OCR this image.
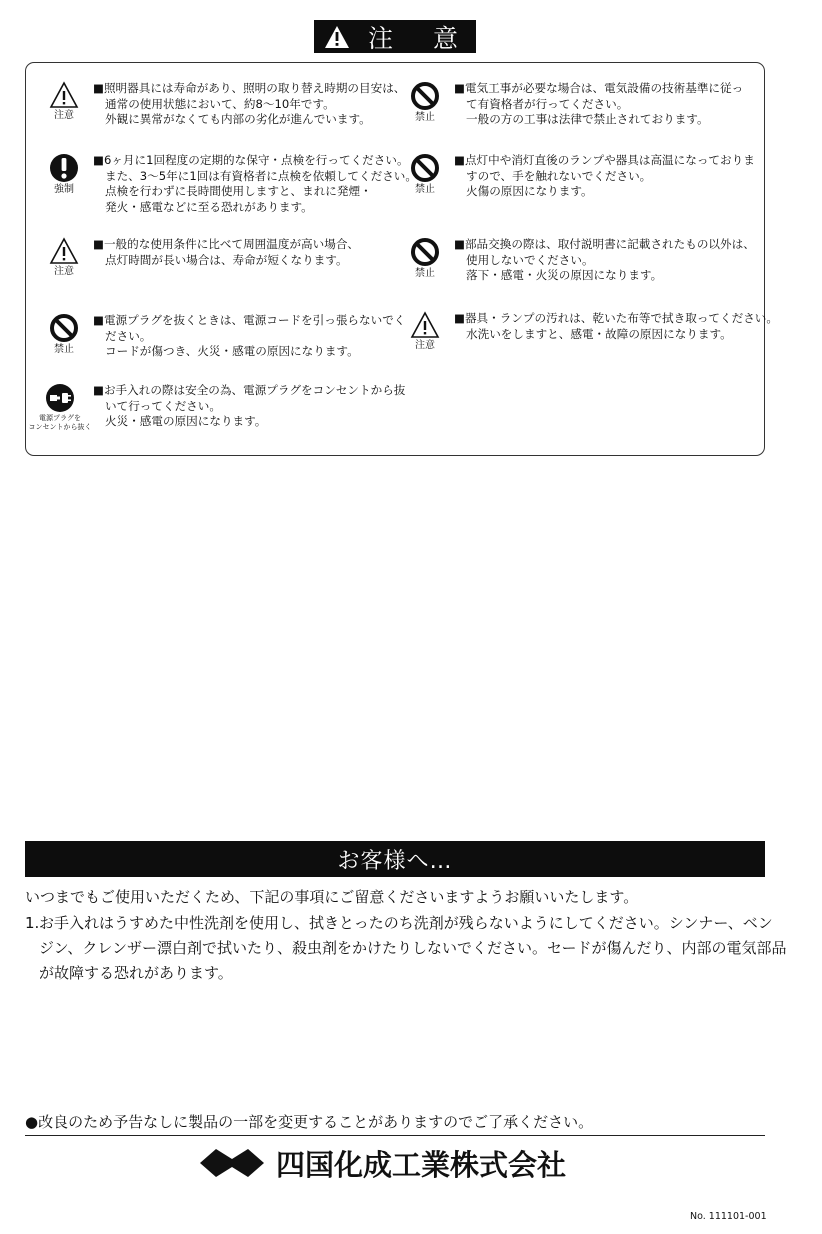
注 意
注意
■照明器具には寿命があり、照明の取り替え時期の目安は、
通常の使用状態において、約8～10年です。
外観に異常がなくても内部の劣化が進んでいます。
強制
■6ヶ月に1回程度の定期的な保守・点検を行ってください。
また、3～5年に1回は有資格者に点検を依頼してください。
点検を行わずに長時間使用しますと、まれに発煙・
発火・感電などに至る恐れがあります。
注意
■一般的な使用条件に比べて周囲温度が高い場合、
点灯時間が長い場合は、寿命が短くなります。
禁止
■電源プラグを抜くときは、電源コードを引っ張らないでく
ださい。
コードが傷つき、火災・感電の原因になります。
電源プラグを
コンセントから抜く
■お手入れの際は安全の為、電源プラグをコンセントから抜
いて行ってください。
火災・感電の原因になります。
禁止
■電気工事が必要な場合は、電気設備の技術基準に従っ
て有資格者が行ってください。
一般の方の工事は法律で禁止されております。
禁止
■点灯中や消灯直後のランプや器具は高温になっておりま
すので、手を触れないでください。
火傷の原因になります。
禁止
■部品交換の際は、取付説明書に記載されたもの以外は、
使用しないでください。
落下・感電・火災の原因になります。
注意
■器具・ランプの汚れは、乾いた布等で拭き取ってください。
水洗いをしますと、感電・故障の原因になります。
お客様へ…
いつまでもご使用いただくため、下記の事項にご留意くださいますようお願いいたします。
1. お手入れはうすめた中性洗剤を使用し、拭きとったのち洗剤が残らないようにしてください。シンナー、ベン
ジン、クレンザー漂白剤で拭いたり、殺虫剤をかけたりしないでください。セードが傷んだり、内部の電気部品
が故障する恐れがあります。
●改良のため予告なしに製品の一部を変更することがありますのでご了承ください。
四国化成工業株式会社
No. 111101-001
